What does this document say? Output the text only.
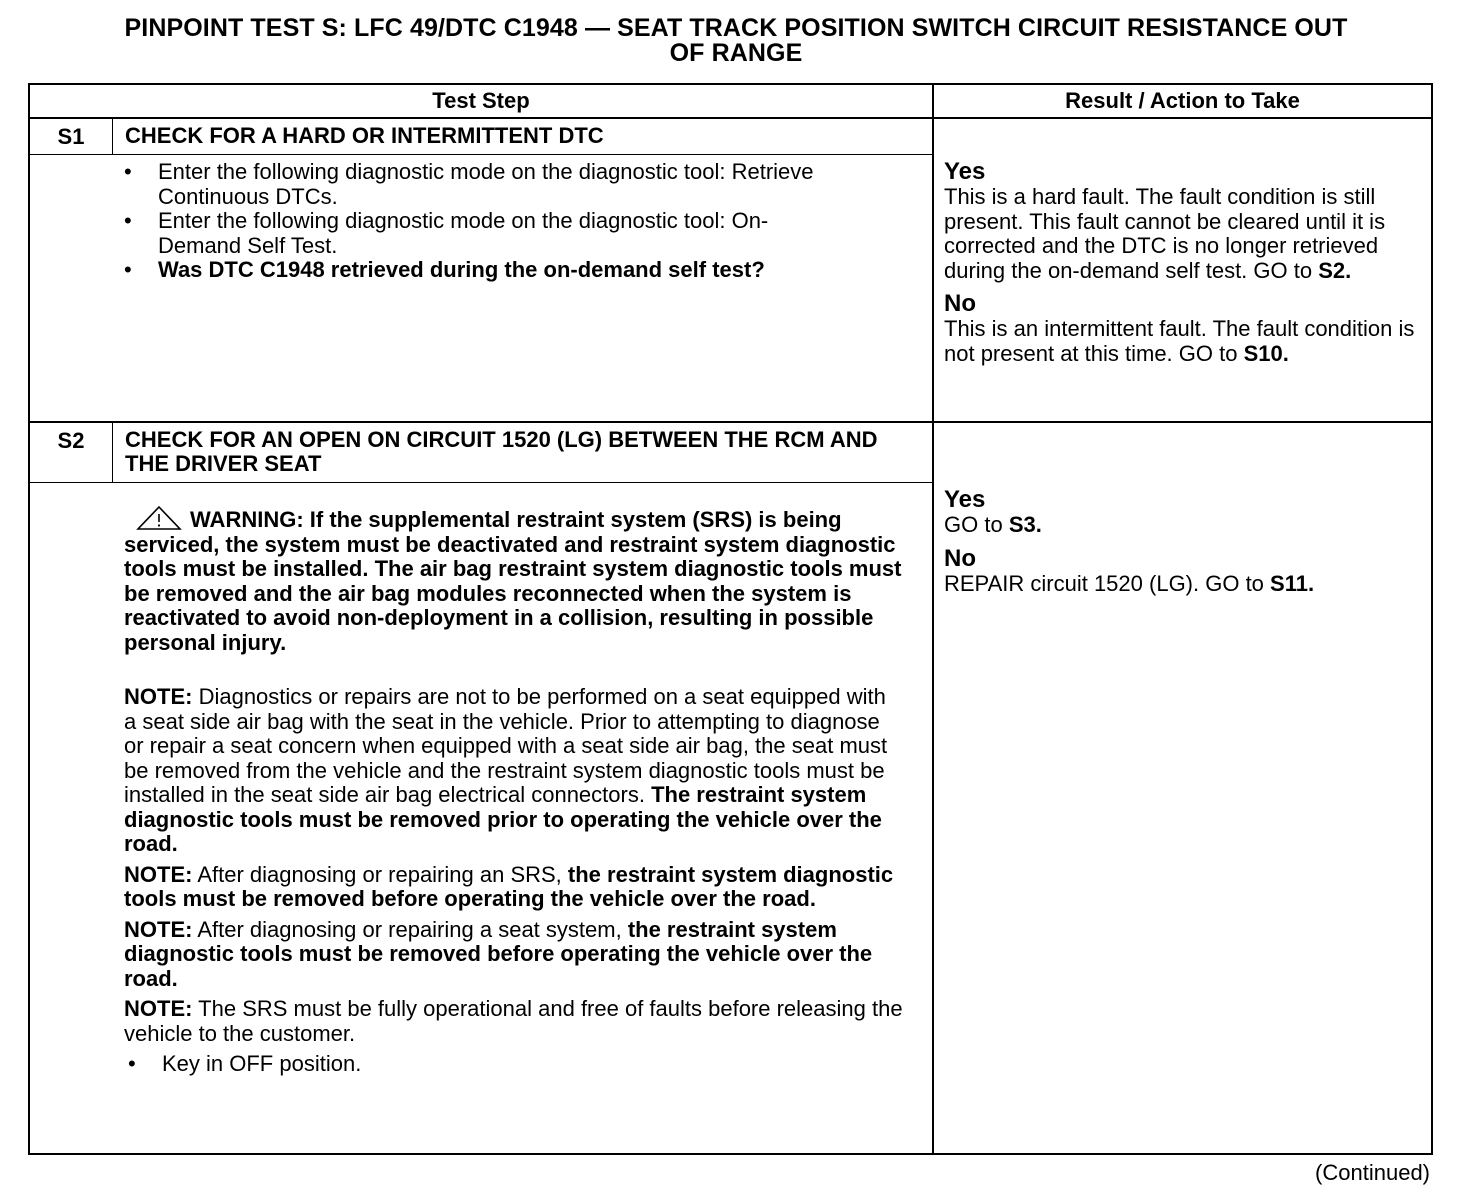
PINPOINT TEST S: LFC 49/DTC C1948 — SEAT TRACK POSITION SWITCH CIRCUIT RESISTANCE OUT
OF RANGE
Test Step	Result / Action to Take
S1	CHECK FOR A HARD OR INTERMITTENT DTC
• Enter the following diagnostic mode on the diagnostic tool: Retrieve Continuous DTCs.
• Enter the following diagnostic mode on the diagnostic tool: On-Demand Self Test.
• Was DTC C1948 retrieved during the on-demand self test?
Yes
This is a hard fault. The fault condition is still present. This fault cannot be cleared until it is corrected and the DTC is no longer retrieved during the on-demand self test. GO to S2.
No
This is an intermittent fault. The fault condition is not present at this time. GO to S10.
S2	CHECK FOR AN OPEN ON CIRCUIT 1520 (LG) BETWEEN THE RCM AND THE DRIVER SEAT
WARNING: If the supplemental restraint system (SRS) is being serviced, the system must be deactivated and restraint system diagnostic tools must be installed. The air bag restraint system diagnostic tools must be removed and the air bag modules reconnected when the system is reactivated to avoid non-deployment in a collision, resulting in possible personal injury.
NOTE: Diagnostics or repairs are not to be performed on a seat equipped with a seat side air bag with the seat in the vehicle. Prior to attempting to diagnose or repair a seat concern when equipped with a seat side air bag, the seat must be removed from the vehicle and the restraint system diagnostic tools must be installed in the seat side air bag electrical connectors. The restraint system diagnostic tools must be removed prior to operating the vehicle over the road.
NOTE: After diagnosing or repairing an SRS, the restraint system diagnostic tools must be removed before operating the vehicle over the road.
NOTE: After diagnosing or repairing a seat system, the restraint system diagnostic tools must be removed before operating the vehicle over the road.
NOTE: The SRS must be fully operational and free of faults before releasing the vehicle to the customer.
• Key in OFF position.
Yes
GO to S3.
No
REPAIR circuit 1520 (LG). GO to S11.
(Continued)
